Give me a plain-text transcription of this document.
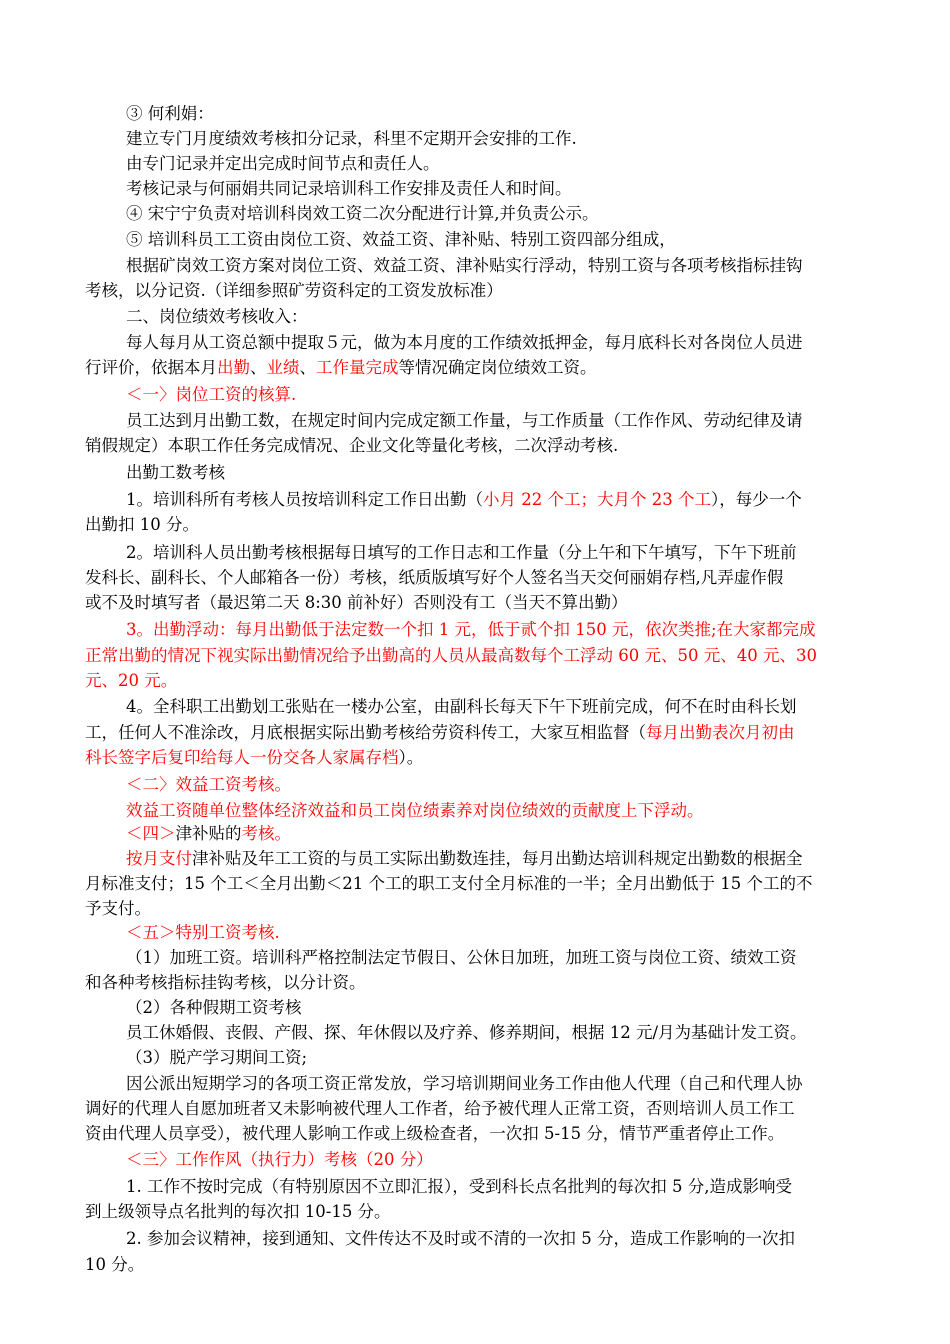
③ 何利娟：
建立专门月度绩效考核扣分记录，科里不定期开会安排的工作.
由专门记录并定出完成时间节点和责任人。
考核记录与何丽娟共同记录培训科工作安排及责任人和时间。
④ 宋宁宁负责对培训科岗效工资二次分配进行计算,并负责公示。
⑤ 培训科员工工资由岗位工资、效益工资、津补贴、特别工资四部分组成，
根据矿岗效工资方案对岗位工资、效益工资、津补贴实行浮动，特别工资与各项考核指标挂钩
考核，以分记资.（详细参照矿劳资科定的工资发放标准）
二、岗位绩效考核收入：
每人每月从工资总额中提取５元，做为本月度的工作绩效抵押金，每月底科长对各岗位人员进
行评价，依据本月出勤、业绩、工作量完成等情况确定岗位绩效工资。
＜一〉岗位工资的核算.
员工达到月出勤工数，在规定时间内完成定额工作量，与工作质量（工作作风、劳动纪律及请
销假规定）本职工作任务完成情况、企业文化等量化考核，二次浮动考核.
出勤工数考核
1。培训科所有考核人员按培训科定工作日出勤（小月 22 个工；大月个 23 个工），每少一个
出勤扣 10 分。
2。培训科人员出勤考核根据每日填写的工作日志和工作量（分上午和下午填写，下午下班前
发科长、副科长、个人邮箱各一份）考核，纸质版填写好个人签名当天交何丽娟存档,凡弄虚作假
或不及时填写者（最迟第二天 8:30 前补好）否则没有工（当天不算出勤）
3。出勤浮动：每月出勤低于法定数一个扣 1 元，低于贰个扣 150 元，依次类推;在大家都完成
正常出勤的情况下视实际出勤情况给予出勤高的人员从最高数每个工浮动 60 元、50 元、40 元、30
元、20 元。
4。全科职工出勤划工张贴在一楼办公室，由副科长每天下午下班前完成，何不在时由科长划
工，任何人不准涂改，月底根据实际出勤考核给劳资科传工，大家互相监督（每月出勤表次月初由
科长签字后复印给每人一份交各人家属存档）。
＜二〉效益工资考核。
效益工资随单位整体经济效益和员工岗位绩素养对岗位绩效的贡献度上下浮动。
＜四＞津补贴的考核。
按月支付津补贴及年工工资的与员工实际出勤数连挂，每月出勤达培训科规定出勤数的根据全
月标准支付；15 个工＜全月出勤＜21 个工的职工支付全月标准的一半；全月出勤低于 15 个工的不
予支付。
＜五＞特别工资考核.
（1）加班工资。培训科严格控制法定节假日、公休日加班，加班工资与岗位工资、绩效工资
和各种考核指标挂钩考核，以分计资。
（2）各种假期工资考核
员工休婚假、丧假、产假、探、年休假以及疗养、修养期间，根据 12 元/月为基础计发工资。
（3）脱产学习期间工资;
因公派出短期学习的各项工资正常发放，学习培训期间业务工作由他人代理（自己和代理人协
调好的代理人自愿加班者又未影响被代理人工作者，给予被代理人正常工资，否则培训人员工作工
资由代理人员享受），被代理人影响工作或上级检查者，一次扣 5-15 分，情节严重者停止工作。
＜三〉工作作风（执行力）考核（20 分）
1. 工作不按时完成（有特别原因不立即汇报），受到科长点名批判的每次扣 5 分,造成影响受
到上级领导点名批判的每次扣 10-15 分。
2. 参加会议精神，接到通知、文件传达不及时或不清的一次扣 5 分，造成工作影响的一次扣
10 分。
